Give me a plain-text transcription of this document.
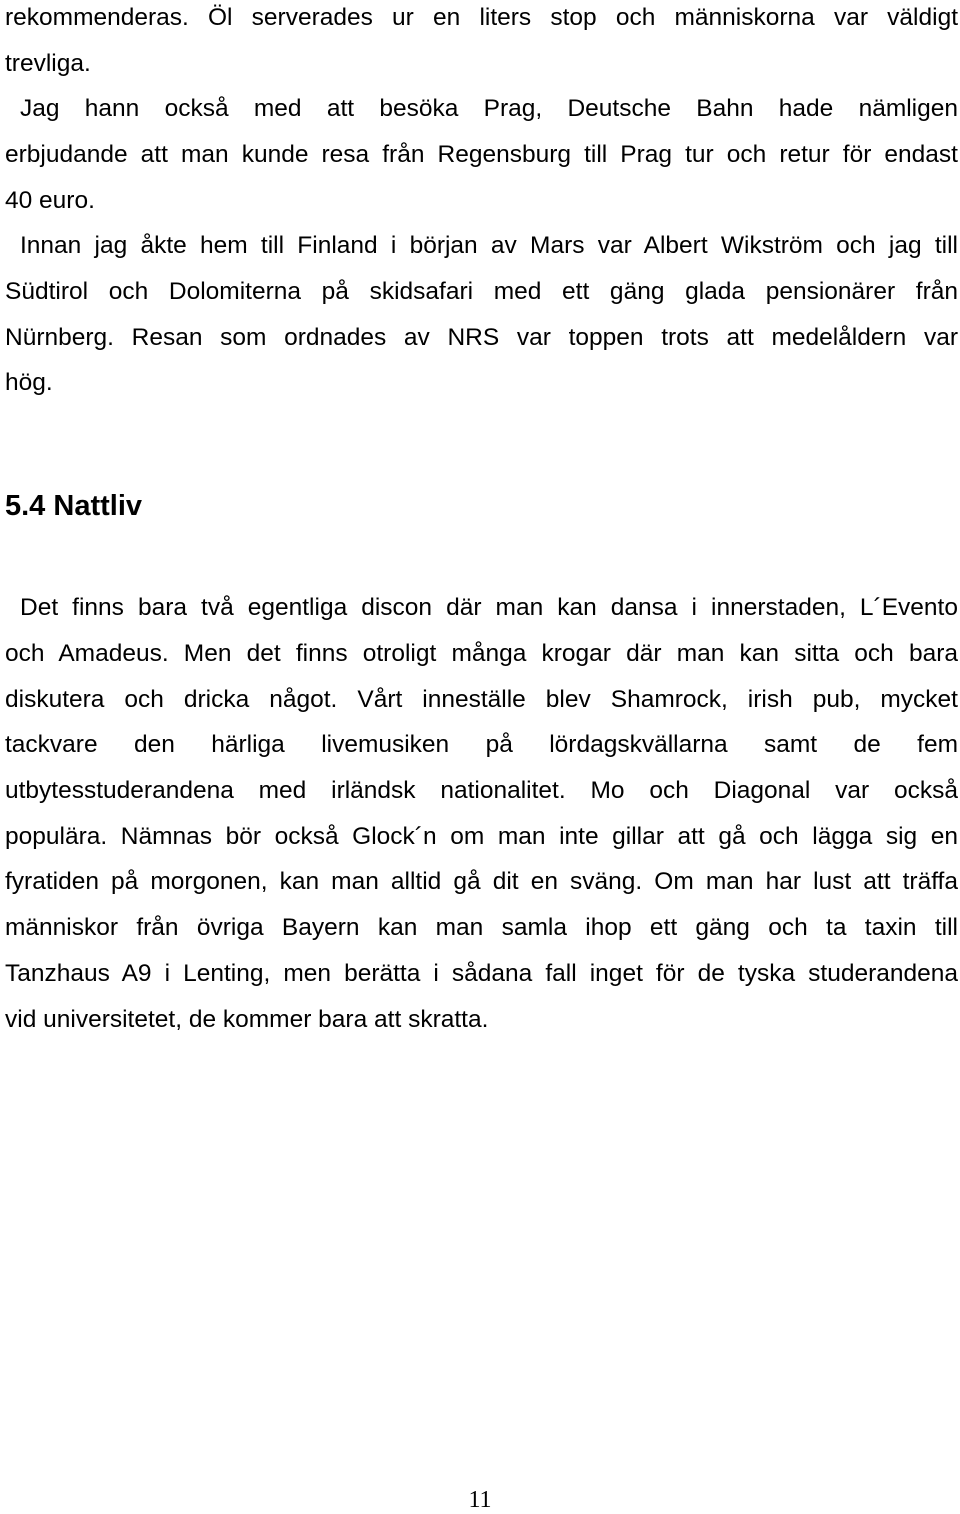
rekommenderas. Öl serverades ur en liters stop och människorna var väldigt
trevliga.
Jag hann också med att besöka Prag, Deutsche Bahn hade nämligen
erbjudande att man kunde resa från Regensburg till Prag tur och retur för endast
40 euro.
Innan jag åkte hem till Finland i början av Mars var Albert Wikström och jag till
Südtirol och Dolomiterna på skidsafari med ett gäng glada pensionärer från
Nürnberg. Resan som ordnades av NRS var toppen trots att medelåldern var
hög.
5.4 Nattliv
Det finns bara två egentliga discon där man kan dansa i innerstaden, L´Evento
och Amadeus. Men det finns otroligt många krogar där man kan sitta och bara
diskutera och dricka något. Vårt inneställe blev Shamrock, irish pub, mycket
tackvare den härliga livemusiken på lördagskvällarna samt de fem
utbytesstuderandena med irländsk nationalitet. Mo och Diagonal var också
populära. Nämnas bör också Glock´n om man inte gillar att gå och lägga sig en
fyratiden på morgonen, kan man alltid gå dit en sväng. Om man har lust att träffa
människor från övriga Bayern kan man samla ihop ett gäng och ta taxin till
Tanzhaus A9 i Lenting, men berätta i sådana fall inget för de tyska studerandena
vid universitetet, de kommer bara att skratta.
11
